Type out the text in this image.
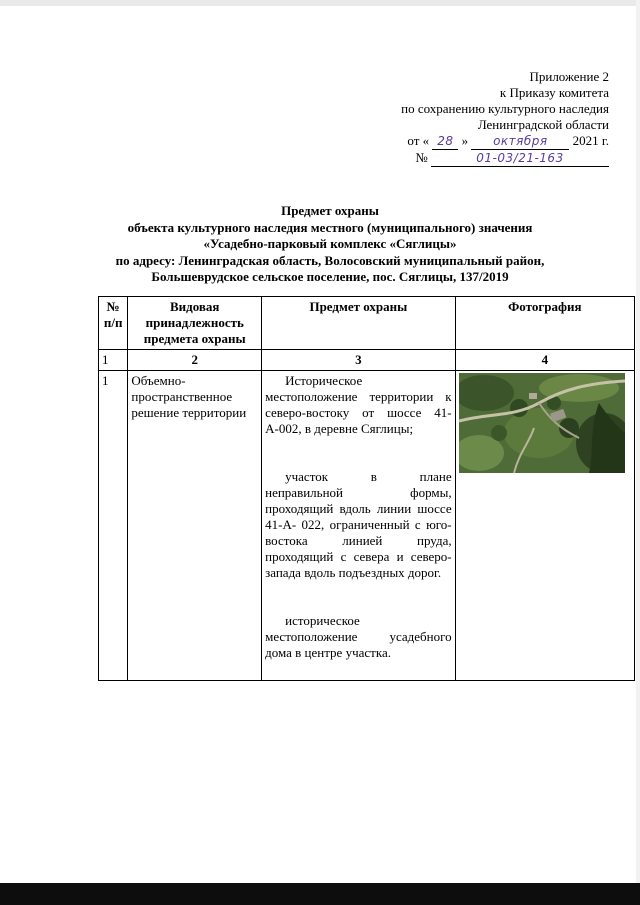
Приложение 2
к Приказу комитета
по сохранению культурного наследия
Ленинградской области
от « 28 » октября 2021 г.
№	01-03/21-163
Предмет охраны
объекта культурного наследия местного (муниципального) значения
«Усадебно-парковый комплекс «Сяглицы»
по адресу: Ленинградская область, Волосовский муниципальный район,
Большеврудское сельское поселение, пос. Сяглицы, 137/2019
№ п/п	Видовая принадлежность предмета охраны	Предмет охраны	Фотография
1	2	3	4
1	Объемно-пространственное решение территории	Историческое местоположение территории к северо-востоку от шоссе 41-А-002, в деревне Сяглицы;

участок в плане неправильной формы, проходящий вдоль линии шоссе 41-А- 022, ограниченный с юго-востока линией пруда, проходящий с севера и северо-запада вдоль подъездных дорог.

историческое местоположение усадебного дома в центре участка.
